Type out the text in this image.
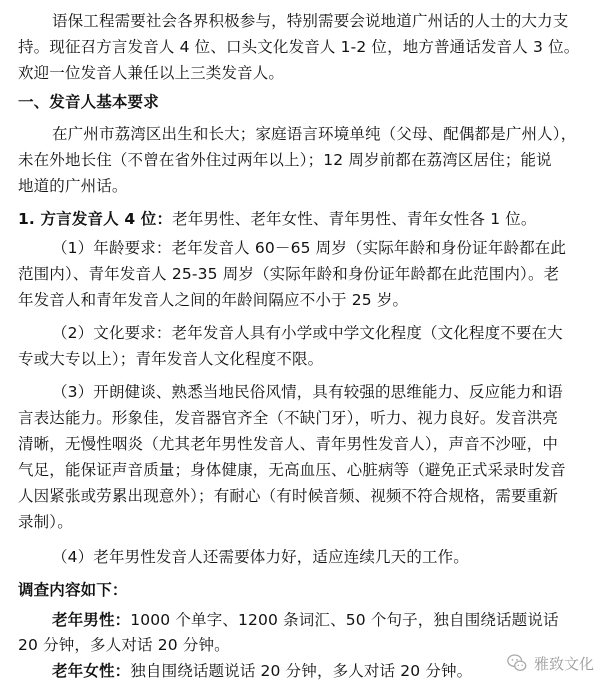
语保工程需要社会各界积极参与，特别需要会说地道广州话的人士的大力支
持。现征召方言发音人 4 位、口头文化发音人 1-2 位，地方普通话发音人 3 位。
欢迎一位发音人兼任以上三类发音人。
一、发音人基本要求
在广州市荔湾区出生和长大；家庭语言环境单纯（父母、配偶都是广州人），
未在外地长住（不曾在省外住过两年以上）；12 周岁前都在荔湾区居住；能说
地道的广州话。
1. 方言发音人 4 位：老年男性、老年女性、青年男性、青年女性各 1 位。
（1）年龄要求：老年发音人 60－65 周岁（实际年龄和身份证年龄都在此
范围内）、青年发音人 25-35 周岁（实际年龄和身份证年龄都在此范围内）。老
年发音人和青年发音人之间的年龄间隔应不小于 25 岁。
（2）文化要求：老年发音人具有小学或中学文化程度（文化程度不要在大
专或大专以上）；青年发音人文化程度不限。
（3）开朗健谈、熟悉当地民俗风情，具有较强的思维能力、反应能力和语
言表达能力。形象佳，发音器官齐全（不缺门牙），听力、视力良好。发音洪亮
清晰，无慢性咽炎（尤其老年男性发音人、青年男性发音人），声音不沙哑，中
气足，能保证声音质量；身体健康，无高血压、心脏病等（避免正式采录时发音
人因紧张或劳累出现意外）；有耐心（有时候音频、视频不符合规格，需要重新
录制）。
（4）老年男性发音人还需要体力好，适应连续几天的工作。
调查内容如下：
老年男性：1000 个单字、1200 条词汇、50 个句子，独自围绕话题说话
20 分钟，多人对话 20 分钟。
老年女性：独自围绕话题说话 20 分钟，多人对话 20 分钟。	雅致文化
